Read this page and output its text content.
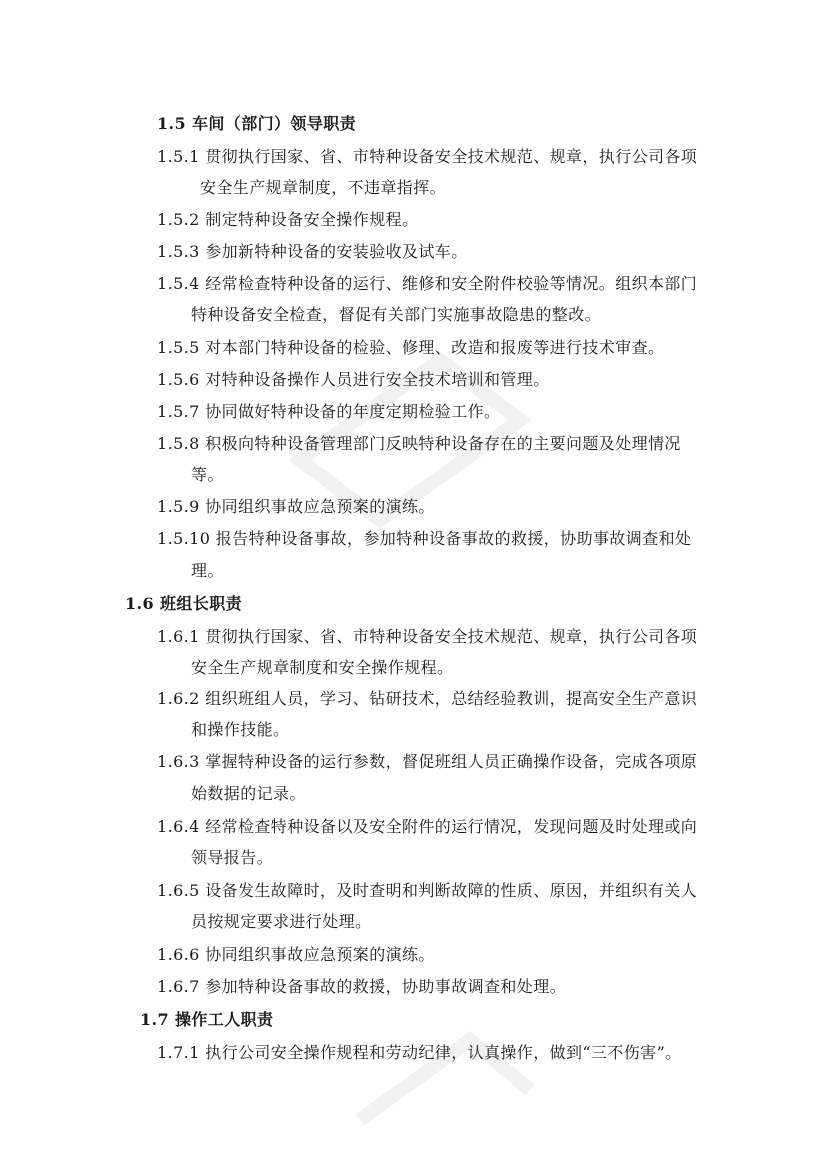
1.5 车间（部门）领导职责
1.5.1 贯彻执行国家、省、市特种设备安全技术规范、规章，执行公司各项
安全生产规章制度，不违章指挥。
1.5.2 制定特种设备安全操作规程。
1.5.3 参加新特种设备的安装验收及试车。
1.5.4 经常检查特种设备的运行、维修和安全附件校验等情况。组织本部门
特种设备安全检查，督促有关部门实施事故隐患的整改。
1.5.5 对本部门特种设备的检验、修理、改造和报废等进行技术审查。
1.5.6 对特种设备操作人员进行安全技术培训和管理。
1.5.7 协同做好特种设备的年度定期检验工作。
1.5.8 积极向特种设备管理部门反映特种设备存在的主要问题及处理情况
等。
1.5.9 协同组织事故应急预案的演练。
1.5.10 报告特种设备事故，参加特种设备事故的救援，协助事故调查和处
理。
1.6 班组长职责
1.6.1 贯彻执行国家、省、市特种设备安全技术规范、规章，执行公司各项
安全生产规章制度和安全操作规程。
1.6.2 组织班组人员，学习、钻研技术，总结经验教训，提高安全生产意识
和操作技能。
1.6.3 掌握特种设备的运行参数，督促班组人员正确操作设备，完成各项原
始数据的记录。
1.6.4 经常检查特种设备以及安全附件的运行情况，发现问题及时处理或向
领导报告。
1.6.5 设备发生故障时，及时查明和判断故障的性质、原因，并组织有关人
员按规定要求进行处理。
1.6.6 协同组织事故应急预案的演练。
1.6.7 参加特种设备事故的救援，协助事故调查和处理。
1.7 操作工人职责
1.7.1 执行公司安全操作规程和劳动纪律，认真操作，做到“三不伤害”。
